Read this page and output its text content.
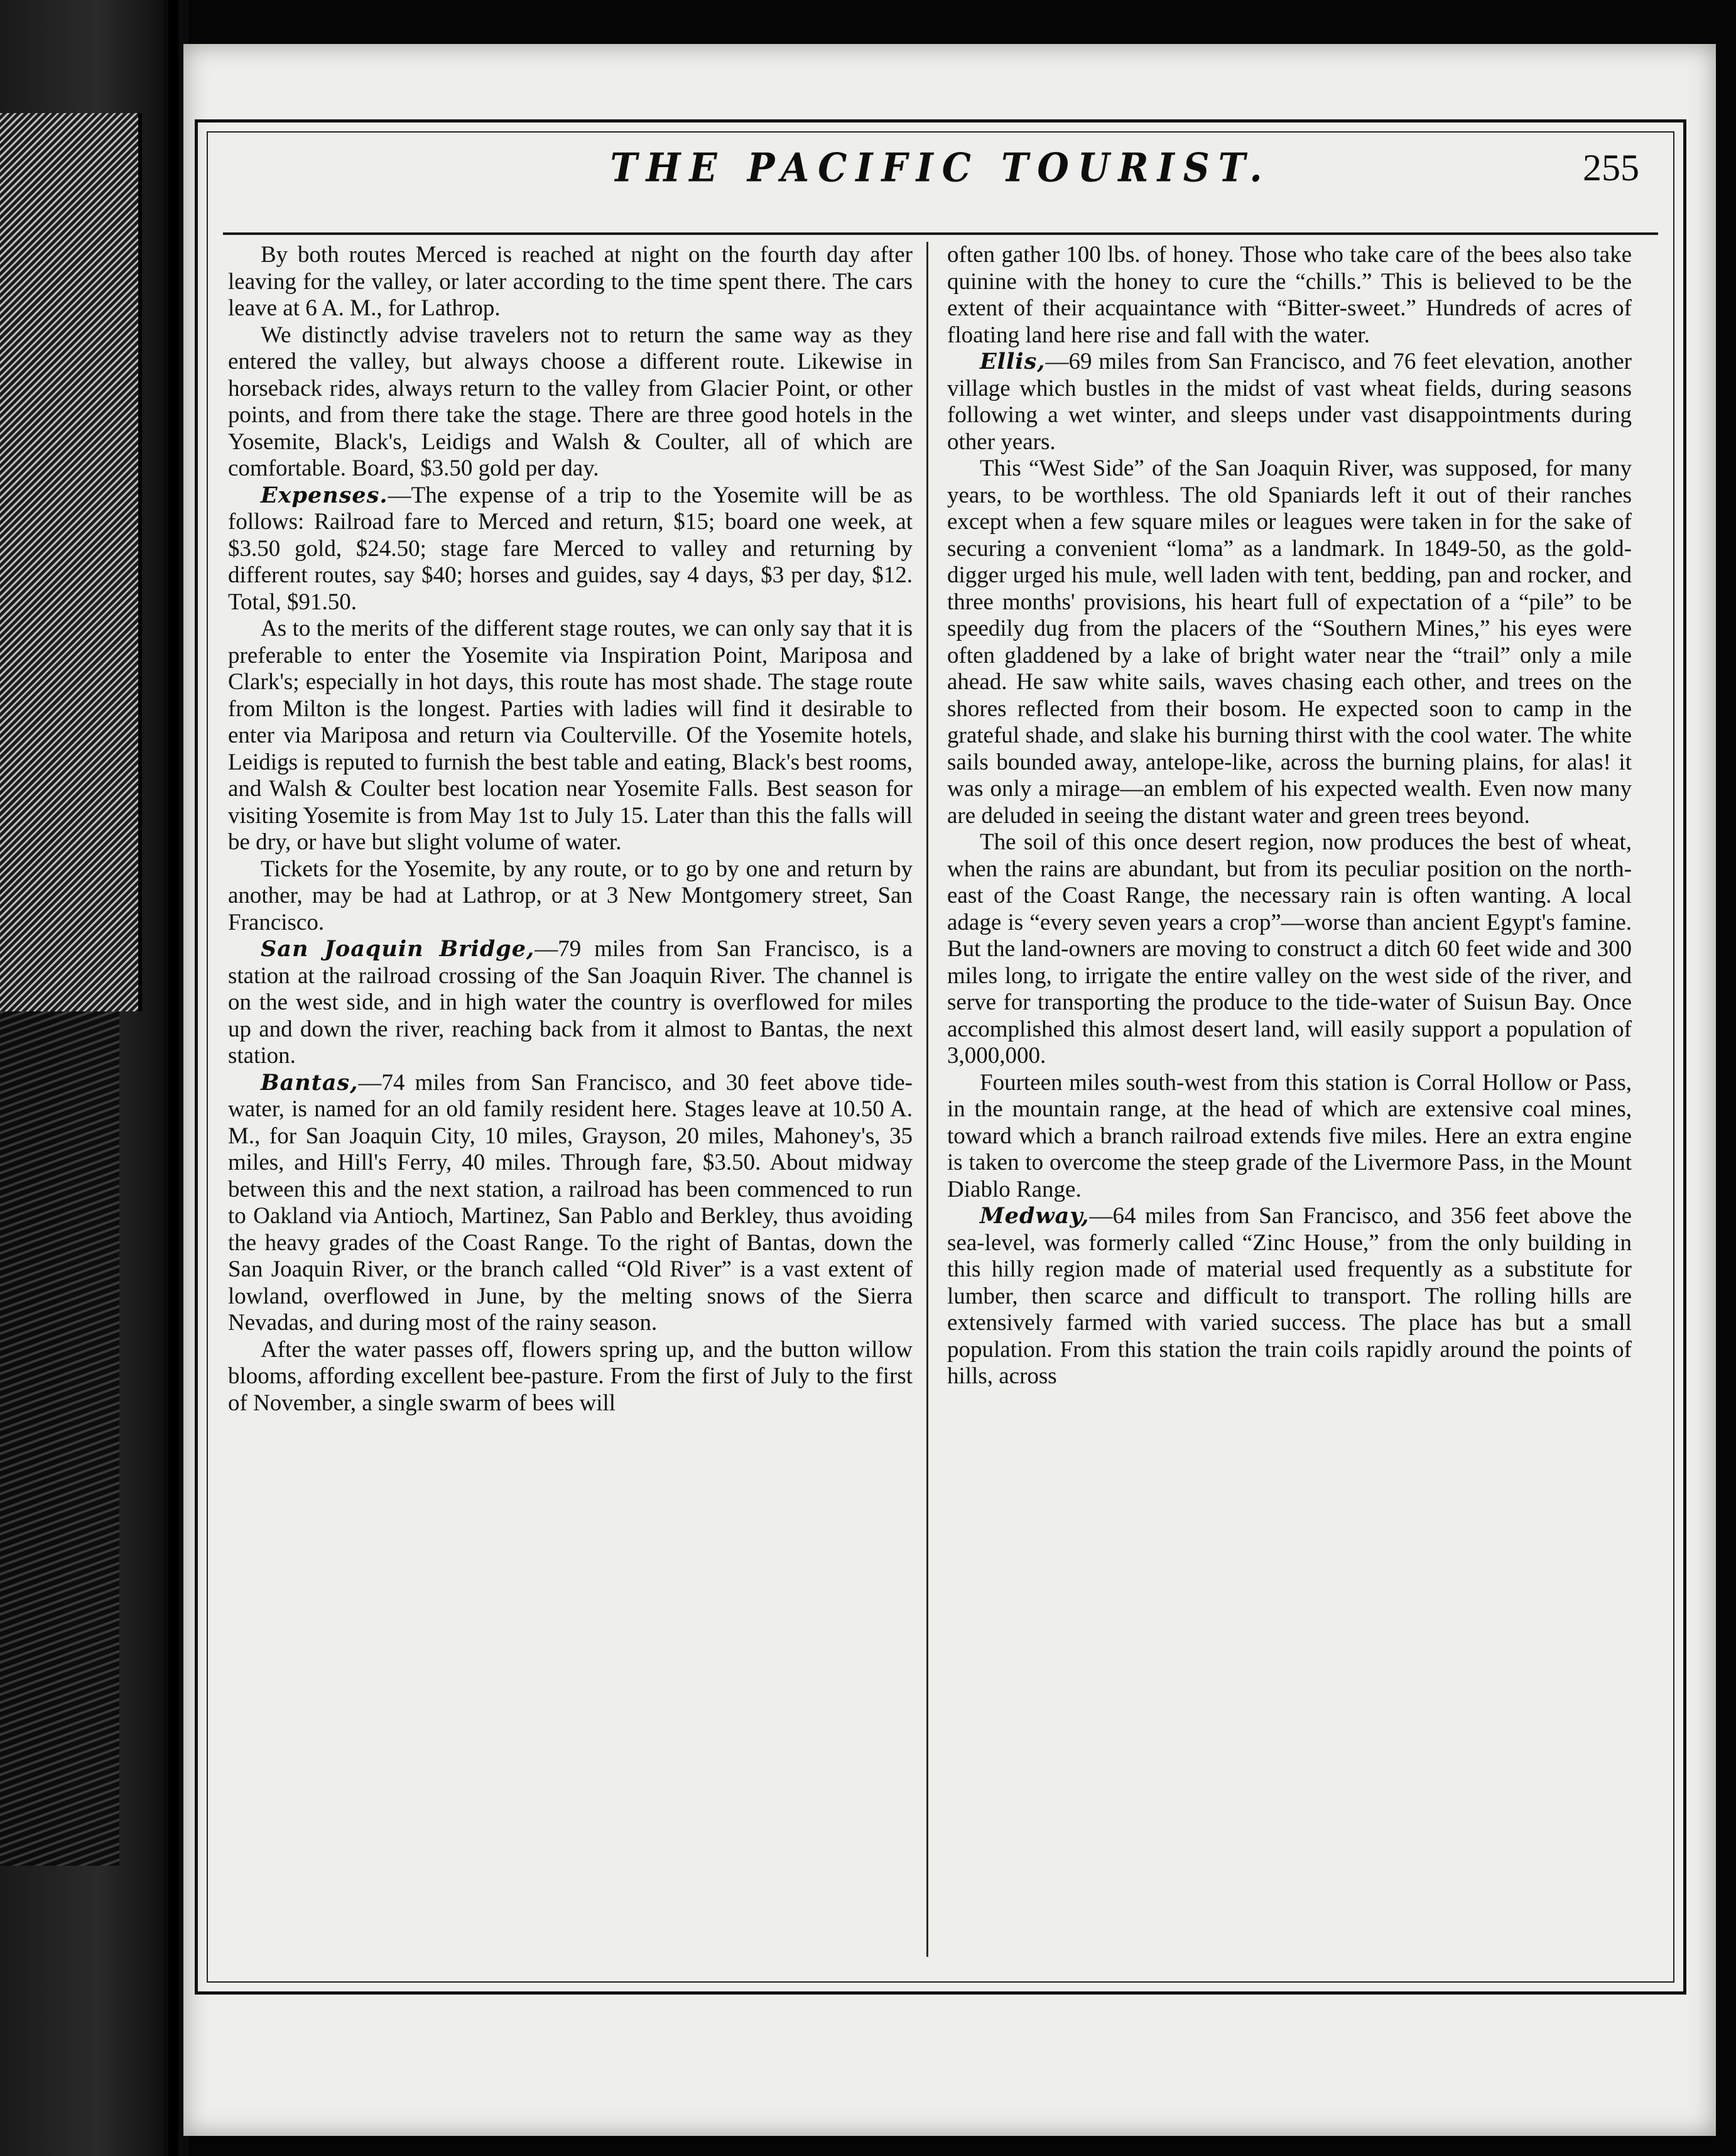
THE PACIFIC TOURIST.	255

By both routes Merced is reached at night on the fourth day after leaving for the valley, or later according to the time spent there. The cars leave at 6 A. M., for Lathrop.

We distinctly advise travelers not to return the same way as they entered the valley, but always choose a different route. Likewise in horseback rides, always return to the valley from Glacier Point, or other points, and from there take the stage. There are three good hotels in the Yosemite, Black's, Leidigs and Walsh & Coulter, all of which are comfortable. Board, $3.50 gold per day.

Expenses.—The expense of a trip to the Yosemite will be as follows: Railroad fare to Merced and return, $15; board one week, at $3.50 gold, $24.50; stage fare Merced to valley and returning by different routes, say $40; horses and guides, say 4 days, $3 per day, $12. Total, $91.50.

As to the merits of the different stage routes, we can only say that it is preferable to enter the Yosemite via Inspiration Point, Mariposa and Clark's; especially in hot days, this route has most shade. The stage route from Milton is the longest. Parties with ladies will find it desirable to enter via Mariposa and return via Coulterville. Of the Yosemite hotels, Leidigs is reputed to furnish the best table and eating, Black's best rooms, and Walsh & Coulter best location near Yosemite Falls. Best season for visiting Yosemite is from May 1st to July 15. Later than this the falls will be dry, or have but slight volume of water.

Tickets for the Yosemite, by any route, or to go by one and return by another, may be had at Lathrop, or at 3 New Montgomery street, San Francisco.

San Joaquin Bridge,—79 miles from San Francisco, is a station at the railroad crossing of the San Joaquin River. The channel is on the west side, and in high water the country is overflowed for miles up and down the river, reaching back from it almost to Bantas, the next station.

Bantas,—74 miles from San Francisco, and 30 feet above tide-water, is named for an old family resident here. Stages leave at 10.50 A. M., for San Joaquin City, 10 miles, Grayson, 20 miles, Mahoney's, 35 miles, and Hill's Ferry, 40 miles. Through fare, $3.50. About midway between this and the next station, a railroad has been commenced to run to Oakland via Antioch, Martinez, San Pablo and Berkley, thus avoiding the heavy grades of the Coast Range. To the right of Bantas, down the San Joaquin River, or the branch called “Old River” is a vast extent of lowland, overflowed in June, by the melting snows of the Sierra Nevadas, and during most of the rainy season.

After the water passes off, flowers spring up, and the button willow blooms, affording excellent bee-pasture. From the first of July to the first of November, a single swarm of bees will

often gather 100 lbs. of honey. Those who take care of the bees also take quinine with the honey to cure the “chills.” This is believed to be the extent of their acquaintance with “Bitter-sweet.” Hundreds of acres of floating land here rise and fall with the water.

Ellis,—69 miles from San Francisco, and 76 feet elevation, another village which bustles in the midst of vast wheat fields, during seasons following a wet winter, and sleeps under vast disappointments during other years.

This “West Side” of the San Joaquin River, was supposed, for many years, to be worthless. The old Spaniards left it out of their ranches except when a few square miles or leagues were taken in for the sake of securing a convenient “loma” as a landmark. In 1849-50, as the gold-digger urged his mule, well laden with tent, bedding, pan and rocker, and three months' provisions, his heart full of expectation of a “pile” to be speedily dug from the placers of the “Southern Mines,” his eyes were often gladdened by a lake of bright water near the “trail” only a mile ahead. He saw white sails, waves chasing each other, and trees on the shores reflected from their bosom. He expected soon to camp in the grateful shade, and slake his burning thirst with the cool water. The white sails bounded away, antelope-like, across the burning plains, for alas! it was only a mirage—an emblem of his expected wealth. Even now many are deluded in seeing the distant water and green trees beyond.

The soil of this once desert region, now produces the best of wheat, when the rains are abundant, but from its peculiar position on the north-east of the Coast Range, the necessary rain is often wanting. A local adage is “every seven years a crop”—worse than ancient Egypt's famine. But the land-owners are moving to construct a ditch 60 feet wide and 300 miles long, to irrigate the entire valley on the west side of the river, and serve for transporting the produce to the tide-water of Suisun Bay. Once accomplished this almost desert land, will easily support a population of 3,000,000.

Fourteen miles south-west from this station is Corral Hollow or Pass, in the mountain range, at the head of which are extensive coal mines, toward which a branch railroad extends five miles. Here an extra engine is taken to overcome the steep grade of the Livermore Pass, in the Mount Diablo Range.

Medway,—64 miles from San Francisco, and 356 feet above the sea-level, was formerly called “Zinc House,” from the only building in this hilly region made of material used frequently as a substitute for lumber, then scarce and difficult to transport. The rolling hills are extensively farmed with varied success. The place has but a small population. From this station the train coils rapidly around the points of hills, across
